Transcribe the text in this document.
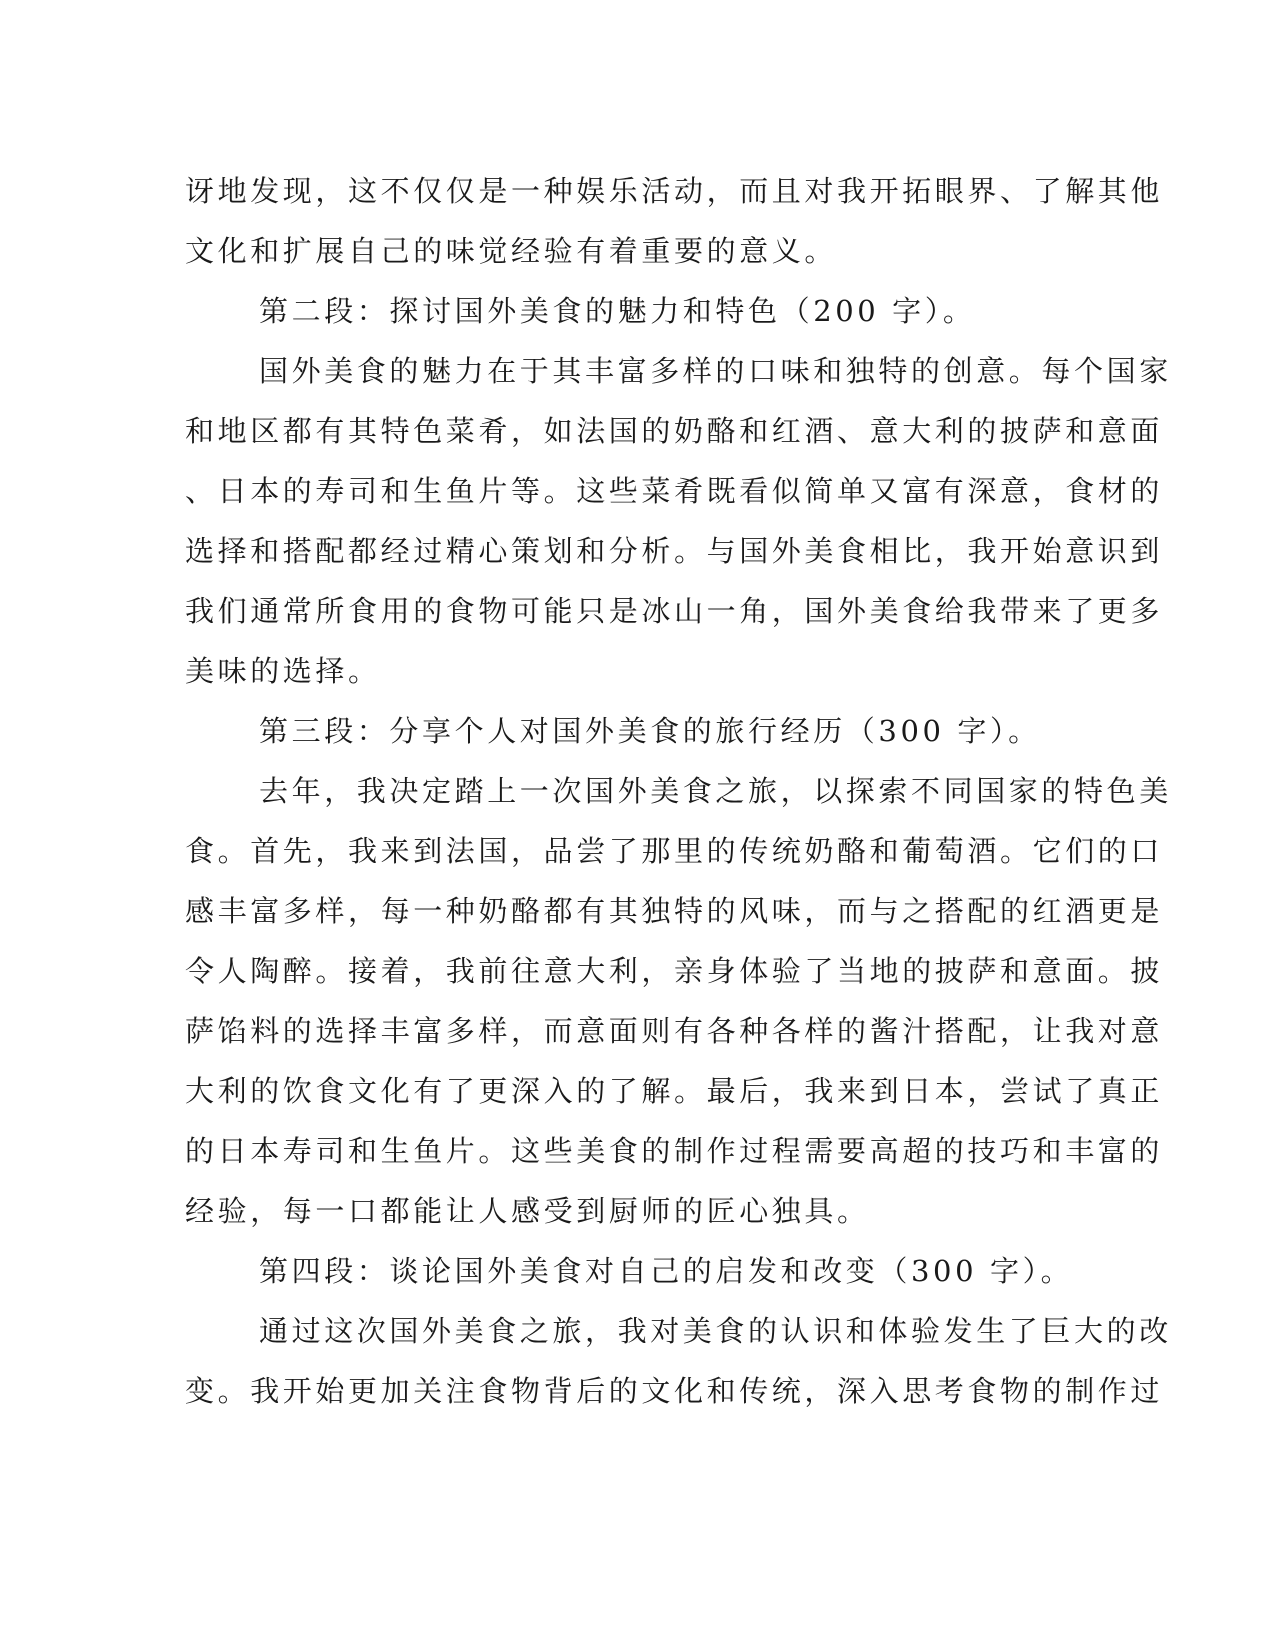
讶地发现，这不仅仅是一种娱乐活动，而且对我开拓眼界、了解其他
文化和扩展自己的味觉经验有着重要的意义。
第二段：探讨国外美食的魅力和特色（200 字）。
国外美食的魅力在于其丰富多样的口味和独特的创意。每个国家
和地区都有其特色菜肴，如法国的奶酪和红酒、意大利的披萨和意面
、日本的寿司和生鱼片等。这些菜肴既看似简单又富有深意，食材的
选择和搭配都经过精心策划和分析。与国外美食相比，我开始意识到
我们通常所食用的食物可能只是冰山一角，国外美食给我带来了更多
美味的选择。
第三段：分享个人对国外美食的旅行经历（300 字）。
去年，我决定踏上一次国外美食之旅，以探索不同国家的特色美
食。首先，我来到法国，品尝了那里的传统奶酪和葡萄酒。它们的口
感丰富多样，每一种奶酪都有其独特的风味，而与之搭配的红酒更是
令人陶醉。接着，我前往意大利，亲身体验了当地的披萨和意面。披
萨馅料的选择丰富多样，而意面则有各种各样的酱汁搭配，让我对意
大利的饮食文化有了更深入的了解。最后，我来到日本，尝试了真正
的日本寿司和生鱼片。这些美食的制作过程需要高超的技巧和丰富的
经验，每一口都能让人感受到厨师的匠心独具。
第四段：谈论国外美食对自己的启发和改变（300 字）。
通过这次国外美食之旅，我对美食的认识和体验发生了巨大的改
变。我开始更加关注食物背后的文化和传统，深入思考食物的制作过
